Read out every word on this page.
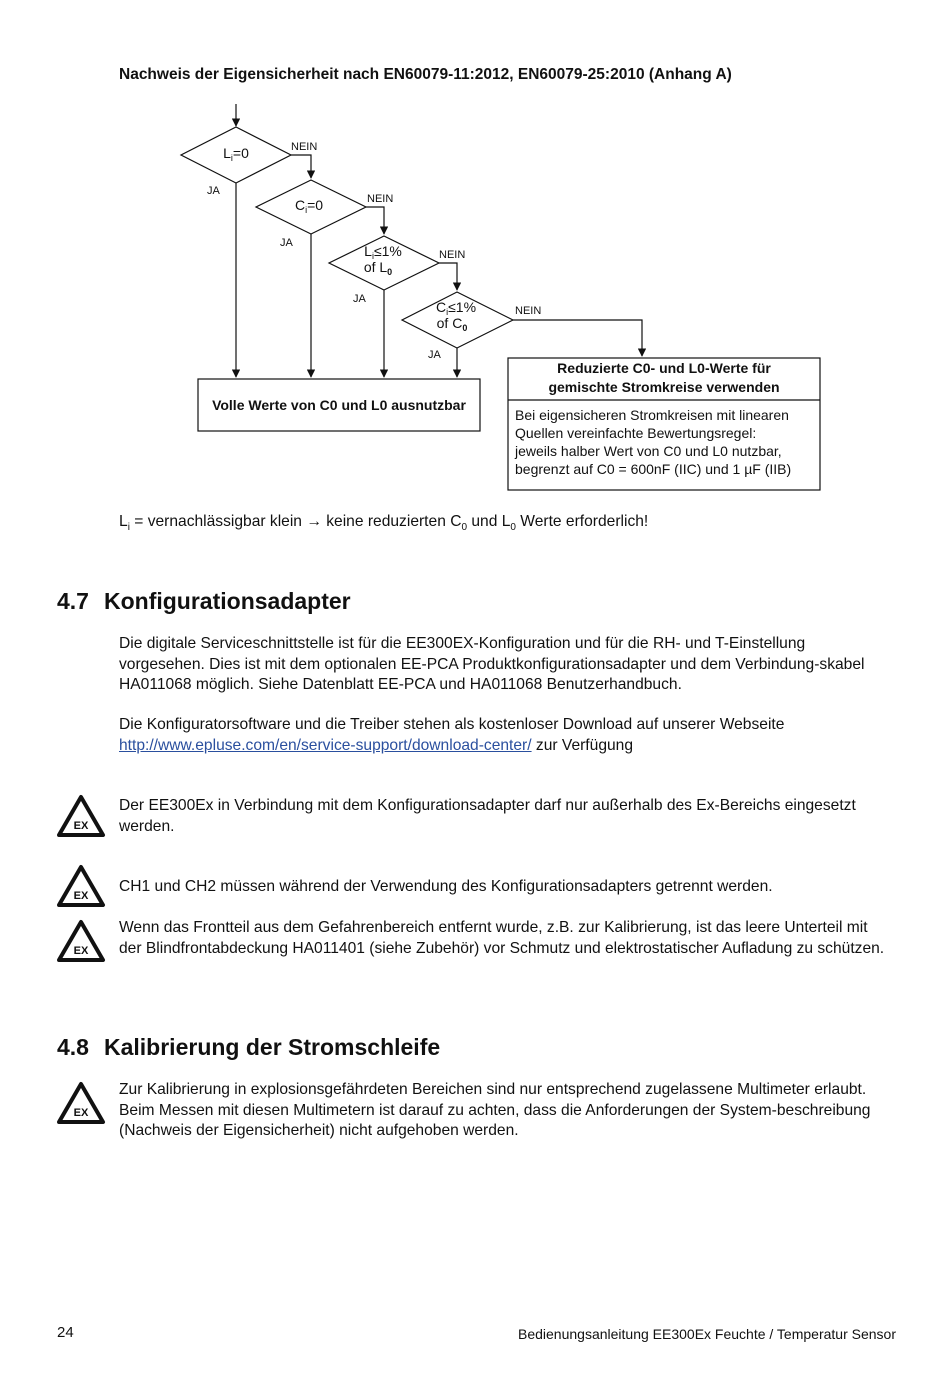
Nachweis der Eigensicherheit nach EN60079-11:2012, EN60079-25:2010 (Anhang A)
$L_i=0$
$C_i=0$
$L_i\le 1\%$
of $L_0$
$C_i\le 1\%$
of $C_0$
NEIN
NEIN
NEIN
NEIN
JA
JA
JA
JA
Volle Werte von C0 und L0 ausnutzbar
Reduzierte C0- und L0-Werte für
gemischte Stromkreise verwenden
Bei eigensicheren Stromkreisen mit linearen
Quellen vereinfachte Bewertungsregel:
jeweils halber Wert von C0 und L0 nutzbar,
begrenzt auf C0 = 600nF (IIC) und 1 µF (IIB)
$L_i$ = vernachlässigbar klein → keine reduzierten $C_0$ und $L_0$ Werte erforderlich!
4.7 Konfigurationsadapter
Die digitale Serviceschnittstelle ist für die EE300EX-Konfiguration und für die RH- und T-Einstellung vorgesehen. Dies ist mit dem optionalen EE-PCA Produktkonfigurationsadapter und dem Verbindung-skabel HA011068 möglich. Siehe Datenblatt EE-PCA und HA011068 Benutzerhandbuch.
Die Konfiguratorsoftware und die Treiber stehen als kostenloser Download auf unserer Webseite
http://www.epluse.com/en/service-support/download-center/ zur Verfügung
EX
Der EE300Ex in Verbindung mit dem Konfigurationsadapter darf nur außerhalb des Ex-Bereichs eingesetzt werden.
EX
CH1 und CH2 müssen während der Verwendung des Konfigurationsadapters getrennt werden.
EX
Wenn das Frontteil aus dem Gefahrenbereich entfernt wurde, z.B. zur Kalibrierung, ist das leere Unterteil mit der Blindfrontabdeckung HA011401 (siehe Zubehör) vor Schmutz und elektrostatischer Aufladung zu schützen.
4.8 Kalibrierung der Stromschleife
EX
Zur Kalibrierung in explosionsgefährdeten Bereichen sind nur entsprechend zugelassene Multimeter erlaubt. Beim Messen mit diesen Multimetern ist darauf zu achten, dass die Anforderungen der System-beschreibung (Nachweis der Eigensicherheit) nicht aufgehoben werden.
24	Bedienungsanleitung EE300Ex Feuchte / Temperatur Sensor
